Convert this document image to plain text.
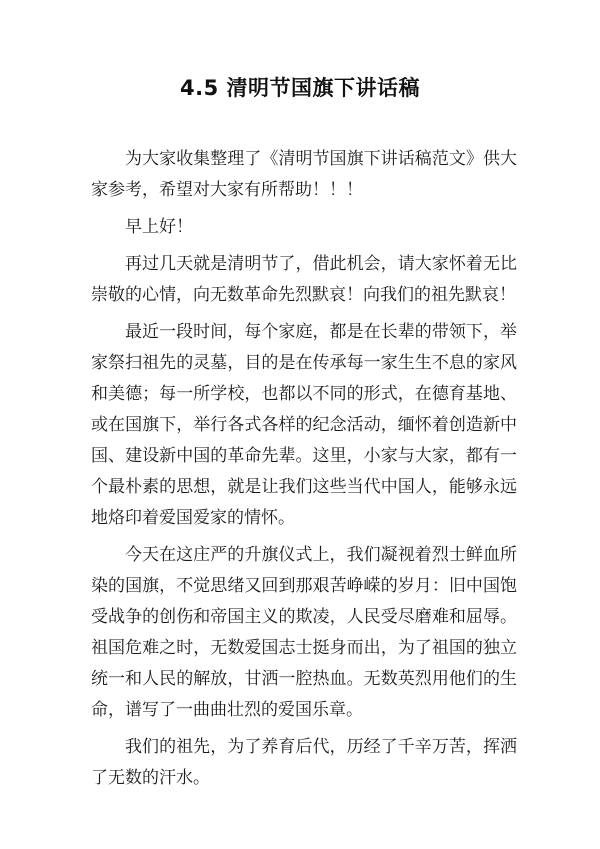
4.5 清明节国旗下讲话稿

为大家收集整理了《清明节国旗下讲话稿范文》供大家参考，希望对大家有所帮助！！！

早上好！

再过几天就是清明节了，借此机会，请大家怀着无比崇敬的心情，向无数革命先烈默哀！向我们的祖先默哀！

最近一段时间，每个家庭，都是在长辈的带领下，举家祭扫祖先的灵墓，目的是在传承每一家生生不息的家风和美德；每一所学校，也都以不同的形式，在德育基地、或在国旗下，举行各式各样的纪念活动，缅怀着创造新中国、建设新中国的革命先辈。这里，小家与大家，都有一个最朴素的思想，就是让我们这些当代中国人，能够永远地烙印着爱国爱家的情怀。

今天在这庄严的升旗仪式上，我们凝视着烈士鲜血所染的国旗，不觉思绪又回到那艰苦峥嵘的岁月：旧中国饱受战争的创伤和帝国主义的欺凌，人民受尽磨难和屈辱。祖国危难之时，无数爱国志士挺身而出，为了祖国的独立统一和人民的解放，甘洒一腔热血。无数英烈用他们的生命，谱写了一曲曲壮烈的爱国乐章。

我们的祖先，为了养育后代，历经了千辛万苦，挥洒了无数的汗水。
